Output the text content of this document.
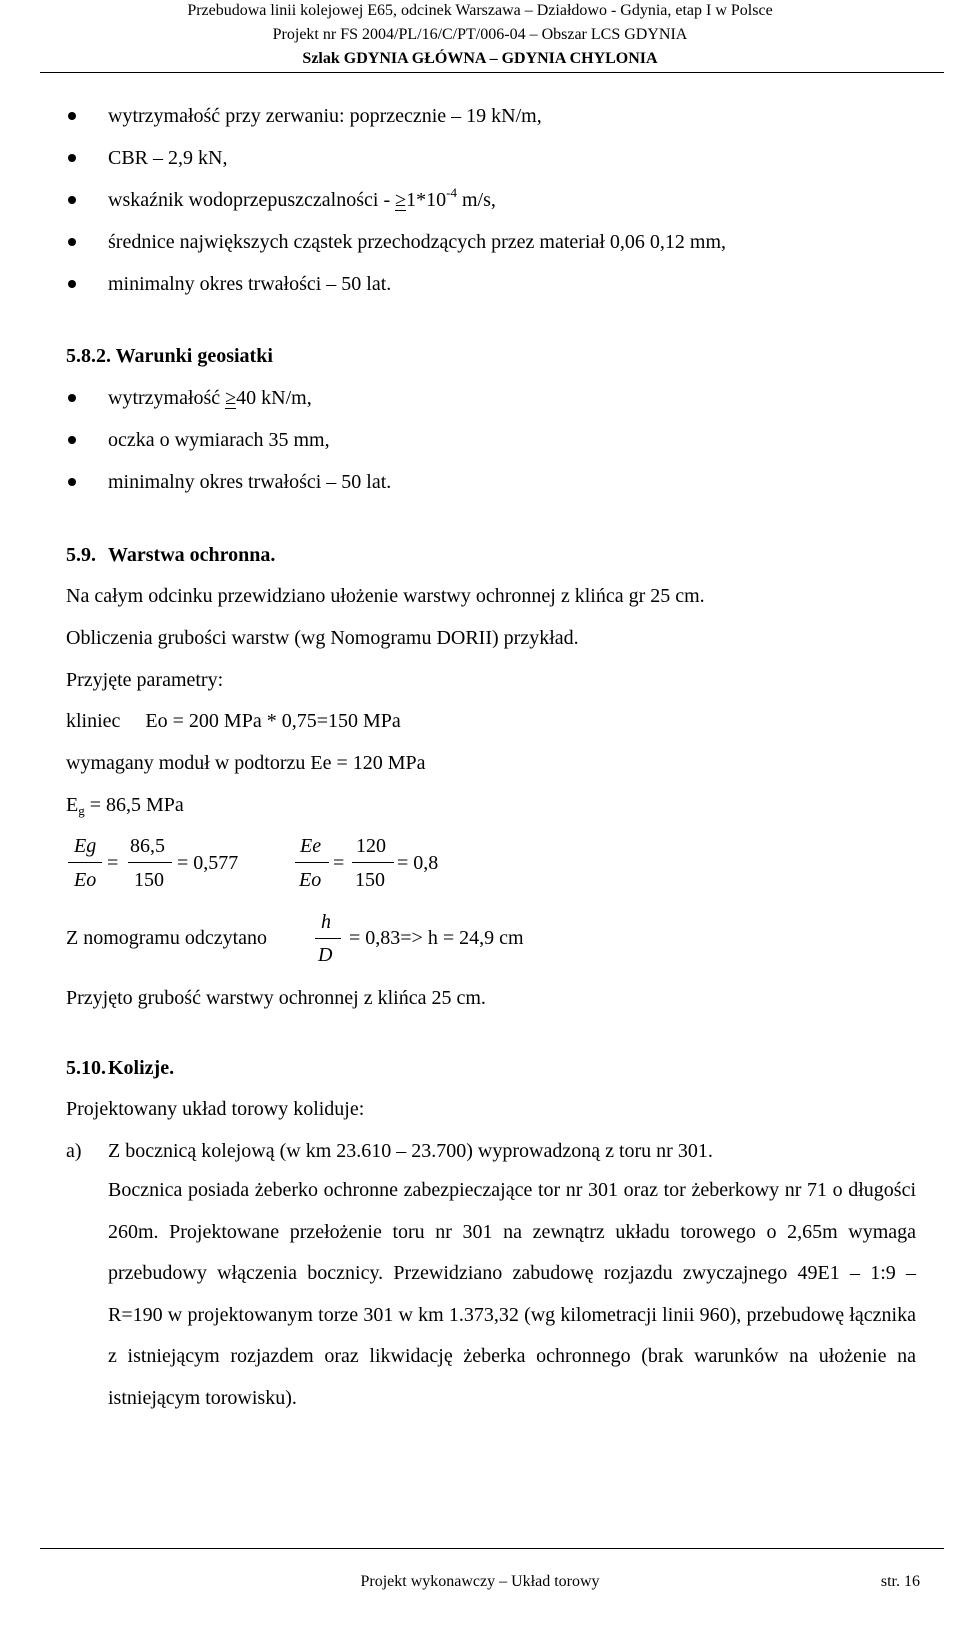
Przebudowa linii kolejowej E65, odcinek Warszawa – Działdowo - Gdynia, etap I w Polsce
Projekt nr FS 2004/PL/16/C/PT/006-04 – Obszar LCS GDYNIA
Szlak GDYNIA GŁÓWNA – GDYNIA CHYLONIA
wytrzymałość przy zerwaniu: poprzecznie – 19 kN/m,
CBR – 2,9 kN,
wskaźnik wodoprzepuszczalności - $\ge 1*10^{-4}$ m/s,
średnice największych cząstek przechodzących przez materiał 0,06 0,12 mm,
minimalny okres trwałości – 50 lat.
5.8.2. Warunki geosiatki
wytrzymałość ≥40 kN/m,
oczka o wymiarach 35 mm,
minimalny okres trwałości – 50 lat.
5.9. Warstwa ochronna.
Na całym odcinku przewidziano ułożenie warstwy ochronnej z klińca gr 25 cm.
Obliczenia grubości warstw (wg Nomogramu DORII) przykład.
Przyjęte parametry:
kliniec     Eo = 200 MPa * 0,75=150 MPa
wymagany moduł w podtorzu Ee = 120 MPa
$E_g = 86,5$ MPa
Eg
Eo
=
86,5
150
= 0,577
Ee
Eo
=
120
150
= 0,8
Z nomogramu odczytano
h
D
= 0,83=> h = 24,9 cm
Przyjęto grubość warstwy ochronnej z klińca 25 cm.
5.10. Kolizje.
Projektowany układ torowy koliduje:
a) Z bocznicą kolejową (w km 23.610 – 23.700) wyprowadzoną z toru nr 301.
Bocznica posiada żeberko ochronne zabezpieczające tor nr 301 oraz tor żeberkowy nr 71 o długości 260m. Projektowane przełożenie toru nr 301 na zewnątrz układu torowego o 2,65m wymaga przebudowy włączenia bocznicy. Przewidziano zabudowę rozjazdu zwyczajnego 49E1 – 1:9 – R=190 w projektowanym torze 301 w km 1.373,32 (wg kilometracji linii 960), przebudowę łącznika z istniejącym rozjazdem oraz likwidację żeberka ochronnego (brak warunków na ułożenie na istniejącym torowisku).
Projekt wykonawczy – Układ torowy	str. 16
